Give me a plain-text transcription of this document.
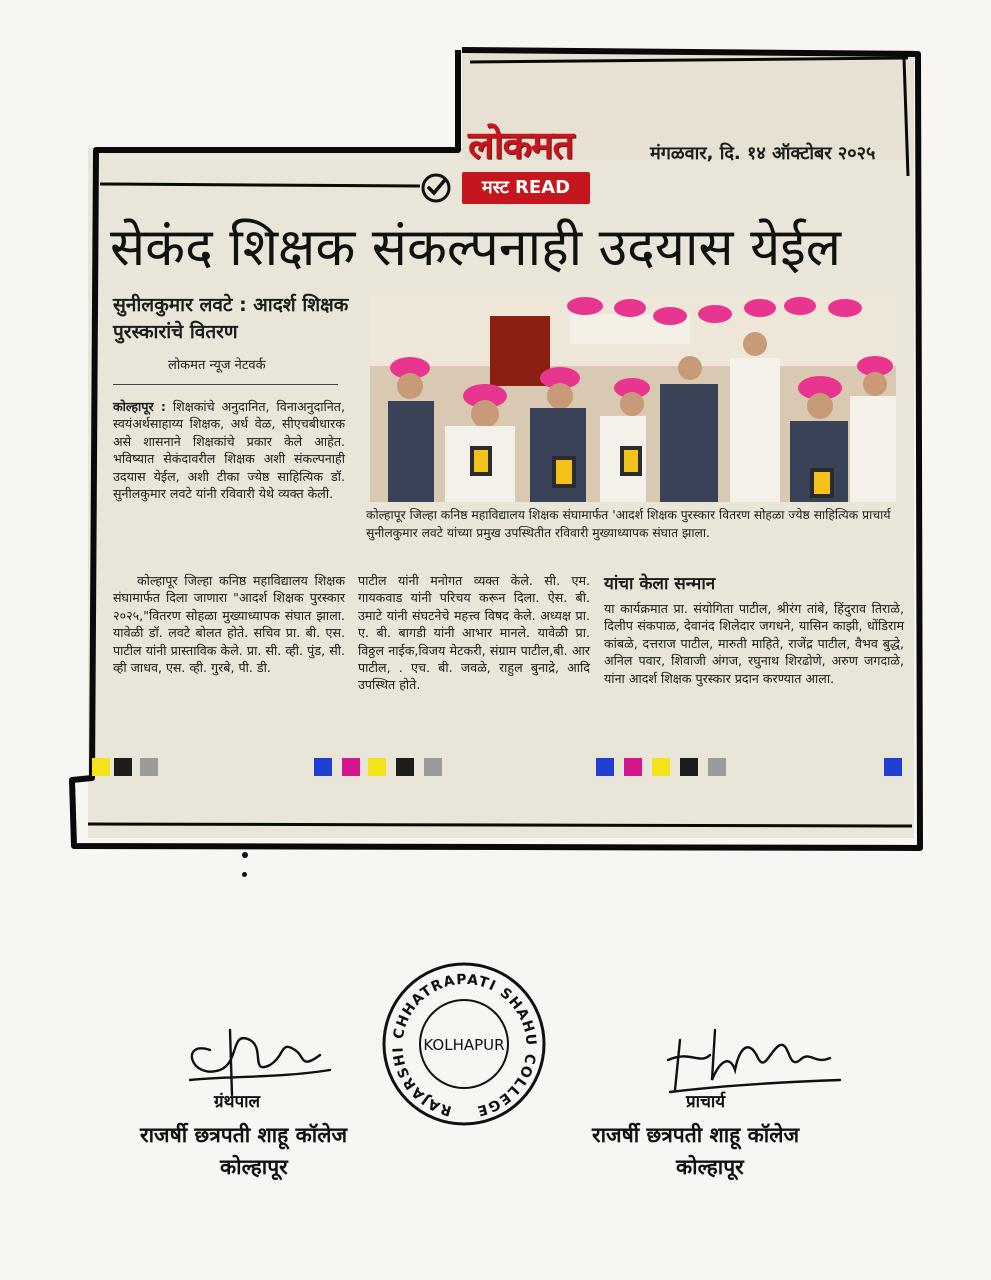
लोकमत	मंगळवार, दि. १४ ऑक्टोबर २०२५
मस्ट READ
सेकंद शिक्षक संकल्पनाही उदयास येईल
सुनीलकुमार लवटे : आदर्श शिक्षक पुरस्कारांचे वितरण
लोकमत न्यूज नेटवर्क
कोल्हापूर जिल्हा कनिष्ठ महाविद्यालय शिक्षक संघामार्फत 'आदर्श शिक्षक पुरस्कार वितरण सोहळा ज्येष्ठ साहित्यिक प्राचार्य सुनीलकुमार लवटे यांच्या प्रमुख उपस्थितीत रविवारी मुख्याध्यापक संघात झाला.
कोल्हापूर : शिक्षकांचे अनुदानित, विनाअनुदानित, स्वयंअर्थसाहाय्य शिक्षक, अर्ध वेळ, सीएचबीधारक असे शासनाने शिक्षकांचे प्रकार केले आहेत. भविष्यात सेकंदावरील शिक्षक अशी संकल्पनाही उदयास येईल, अशी टीका ज्येष्ठ साहित्यिक डॉ. सुनीलकुमार लवटे यांनी रविवारी येथे व्यक्त केली.
कोल्हापूर जिल्हा कनिष्ठ महाविद्यालय शिक्षक संघामार्फत दिला जाणारा "आदर्श शिक्षक पुरस्कार २०२५,"वितरण सोहळा मुख्याध्यापक संघात झाला. यावेळी डॉ. लवटे बोलत होते. सचिव प्रा. बी. एस. पाटील यांनी प्रास्ताविक केले. प्रा. सी. व्ही. पुंड, सी. व्ही जाधव, एस. व्ही. गुरबे, पी. डी.
पाटील यांनी मनोगत व्यक्त केले. सी. एम. गायकवाड यांनी परिचय करून दिला. ऐस. बी. उमाटे यांनी संघटनेचे महत्त्व विषद केले. अध्यक्ष प्रा. ए. बी. बागडी यांनी आभार मानले. यावेळी प्रा. विठ्ठल नाईक,विजय मेटकरी, संग्राम पाटील,बी. आर पाटील, . एच. बी. जवळे, राहुल बुनाद्रे, आदि उपस्थित होते.
यांचा केला सन्मान
या कार्यक्रमात प्रा. संयोगिता पाटील, श्रीरंग तांबे, हिंदुराव तिराळे, दिलीप संकपाळ, देवानंद शिलेदार जगधने, यासिन काझी, धोंडिराम कांबळे, दत्तराज पाटील, मारुती माहिते, राजेंद्र पाटील, वैभव बुद्धे, अनिल पवार, शिवाजी अंगज, रघुनाथ शिरढोणे, अरुण जगदाळे, यांना आदर्श शिक्षक पुरस्कार प्रदान करण्यात आला.
RAJARSHI CHHATRAPATI SHAHU COLLEGE
KOLHAPUR
ग्रंथपाल
राजर्षी छत्रपती शाहू कॉलेज
कोल्हापूर
प्राचार्य
राजर्षी छत्रपती शाहू कॉलेज
कोल्हापूर
